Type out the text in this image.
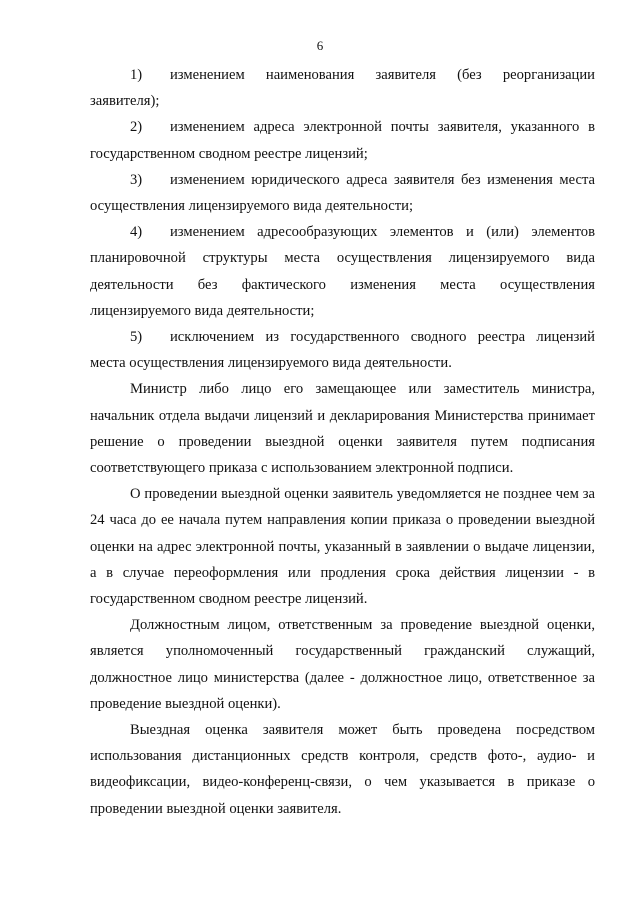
6

1) изменением наименования заявителя (без реорганизации заявителя);

2) изменением адреса электронной почты заявителя, указанного в государственном сводном реестре лицензий;

3) изменением юридического адреса заявителя без изменения места осуществления лицензируемого вида деятельности;

4) изменением адресообразующих элементов и (или) элементов планировочной структуры места осуществления лицензируемого вида деятельности без фактического изменения места осуществления лицензируемого вида деятельности;

5) исключением из государственного сводного реестра лицензий места осуществления лицензируемого вида деятельности.

Министр либо лицо его замещающее или заместитель министра, начальник отдела выдачи лицензий и декларирования Министерства принимает решение о проведении выездной оценки заявителя путем подписания соответствующего приказа с использованием электронной подписи.

О проведении выездной оценки заявитель уведомляется не позднее чем за 24 часа до ее начала путем направления копии приказа о проведении выездной оценки на адрес электронной почты, указанный в заявлении о выдаче лицензии, а в случае переоформления или продления срока действия лицензии - в государственном сводном реестре лицензий.

Должностным лицом, ответственным за проведение выездной оценки, является уполномоченный государственный гражданский служащий, должностное лицо министерства (далее - должностное лицо, ответственное за проведение выездной оценки).

Выездная оценка заявителя может быть проведена посредством использования дистанционных средств контроля, средств фото-, аудио- и видеофиксации, видео-конференц-связи, о чем указывается в приказе о проведении выездной оценки заявителя.
